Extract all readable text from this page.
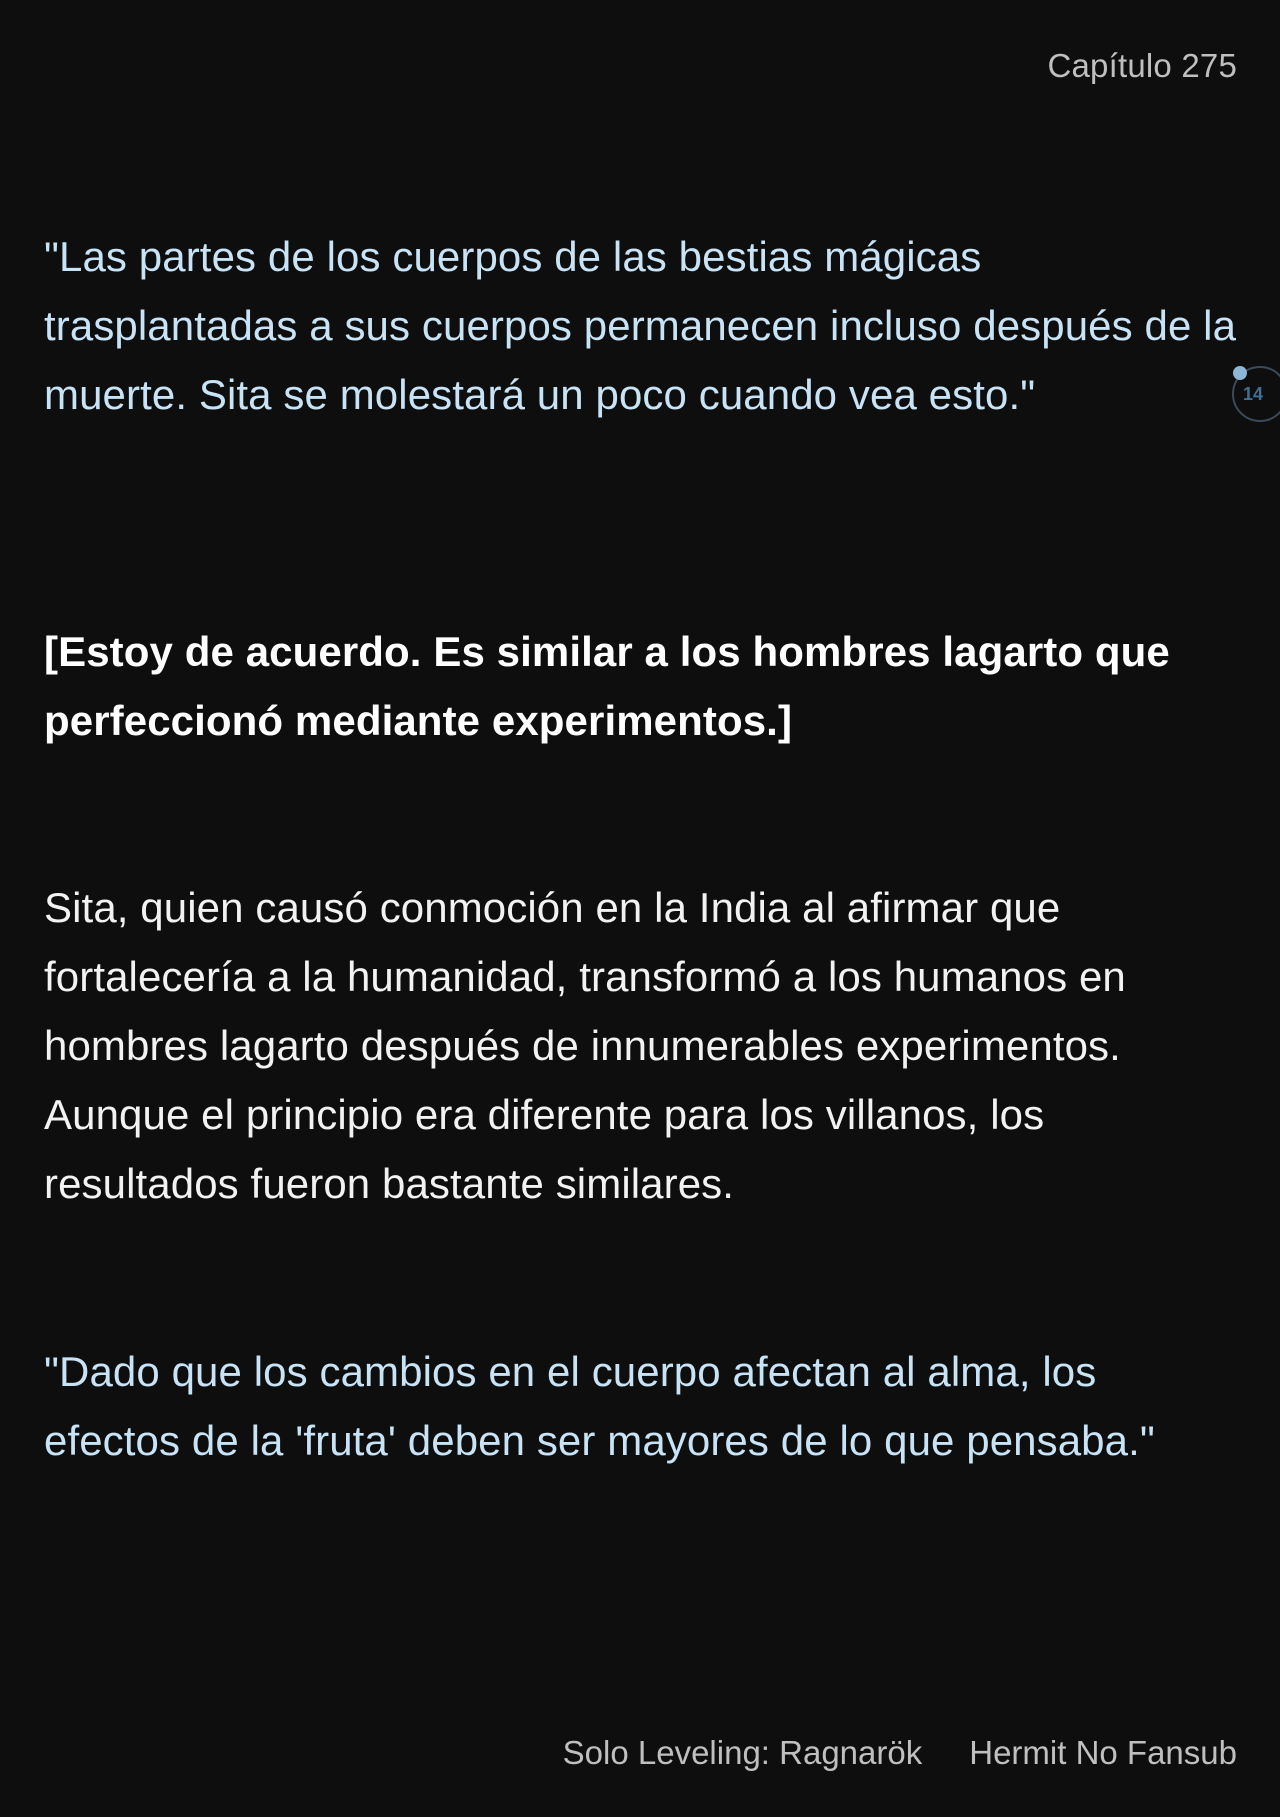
Capítulo 275

"Las partes de los cuerpos de las bestias mágicas trasplantadas a sus cuerpos permanecen incluso después de la muerte. Sita se molestará un poco cuando vea esto."

[Estoy de acuerdo. Es similar a los hombres lagarto que perfeccionó mediante experimentos.]

Sita, quien causó conmoción en la India al afirmar que fortalecería a la humanidad, transformó a los humanos en hombres lagarto después de innumerables experimentos. Aunque el principio era diferente para los villanos, los resultados fueron bastante similares.

"Dado que los cambios en el cuerpo afectan al alma, los efectos de la 'fruta' deben ser mayores de lo que pensaba."

14
Solo Leveling: Ragnarök Hermit No Fansub
